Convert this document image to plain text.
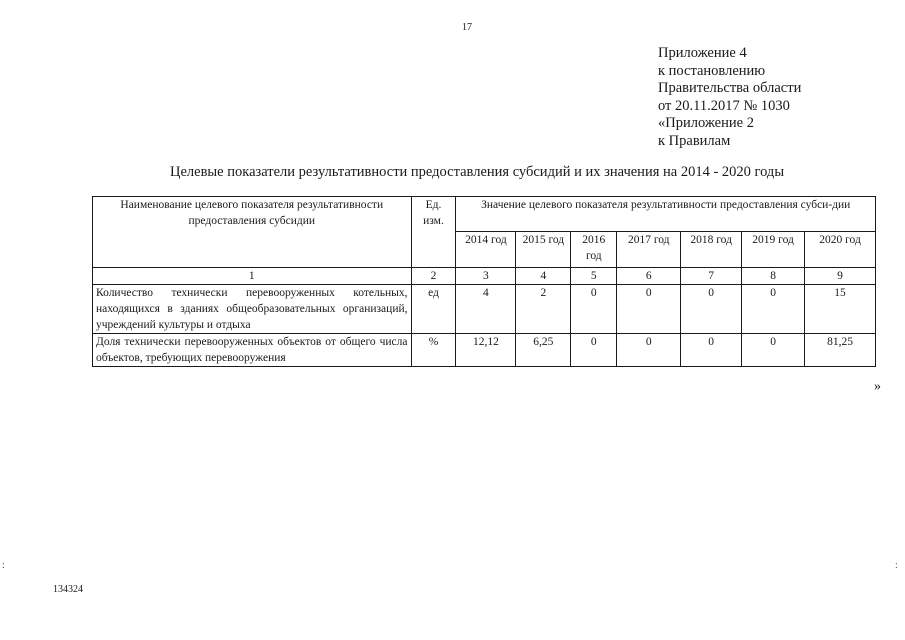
17
Приложение 4
к постановлению
Правительства области
от 20.11.2017 № 1030
«Приложение 2
к Правилам
Целевые показатели результативности предоставления субсидий и их значения на 2014 - 2020 годы
Наименование целевого показателя результативности предоставления субсидии	Ед. изм.	Значение целевого показателя результативности предоставления субси-дии						
		2014 год	2015 год	2016 год	2017 год	2018 год	2019 год	2020 год
1	2	3	4	5	6	7	8	9
Количество технически перевооруженных котельных, находящихся в зданиях общеобразовательных организаций, учреждений культуры и отдыха	ед	4	2	0	0	0	0	15
Доля технически перевооруженных объектов от общего числа объектов, требующих перевооружения	%	12,12	6,25	0	0	0	0	81,25
»
134324
:	:
